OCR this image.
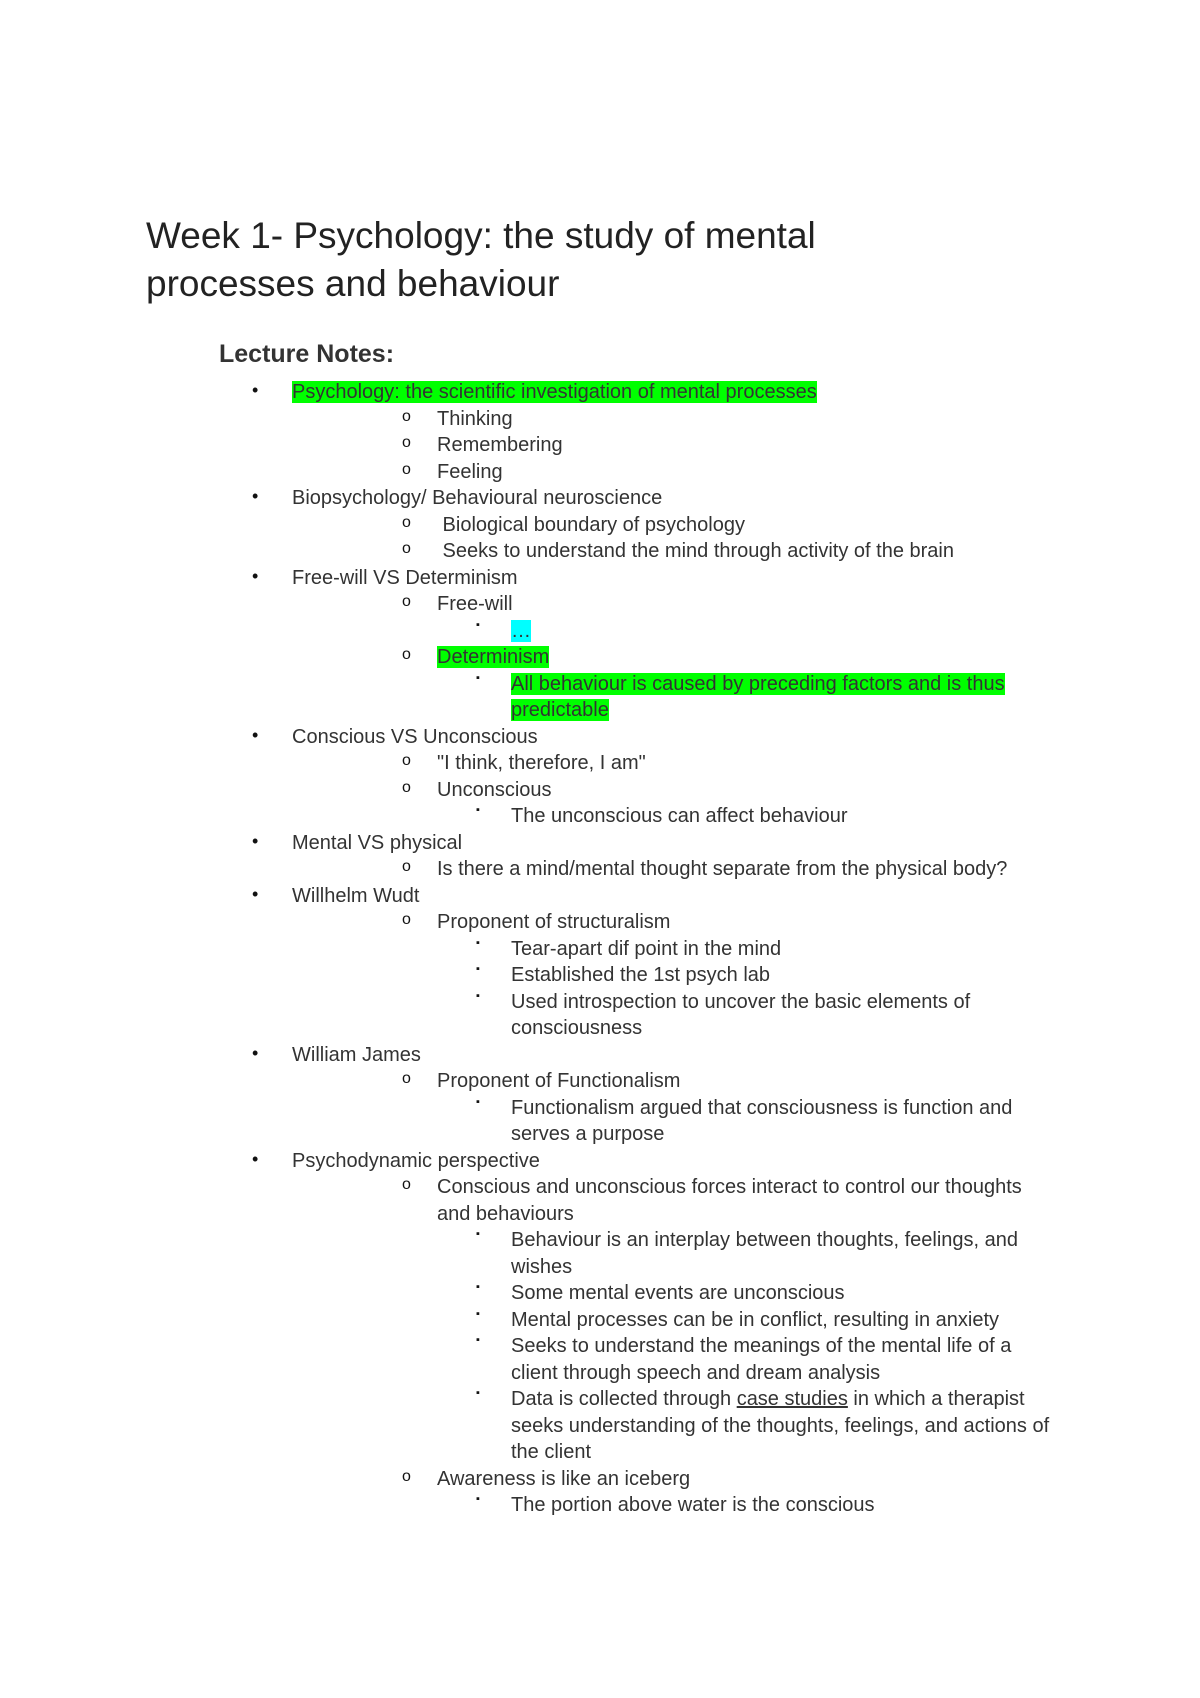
Week 1- Psychology: the study of mental processes and behaviour
Lecture Notes:
• Psychology: the scientific investigation of mental processes
o Thinking
o Remembering
o Feeling
• Biopsychology/ Behavioural neuroscience
o Biological boundary of psychology
o Seeks to understand the mind through activity of the brain
• Free-will VS Determinism
o Free-will
▪ …
o Determinism
▪ All behaviour is caused by preceding factors and is thus predictable
• Conscious VS Unconscious
o "I think, therefore, I am"
o Unconscious
▪ The unconscious can affect behaviour
• Mental VS physical
o Is there a mind/mental thought separate from the physical body?
• Willhelm Wudt
o Proponent of structuralism
▪ Tear-apart dif point in the mind
▪ Established the 1st psych lab
▪ Used introspection to uncover the basic elements of consciousness
• William James
o Proponent of Functionalism
▪ Functionalism argued that consciousness is function and serves a purpose
• Psychodynamic perspective
o Conscious and unconscious forces interact to control our thoughts and behaviours
▪ Behaviour is an interplay between thoughts, feelings, and wishes
▪ Some mental events are unconscious
▪ Mental processes can be in conflict, resulting in anxiety
▪ Seeks to understand the meanings of the mental life of a client through speech and dream analysis
▪ Data is collected through case studies in which a therapist seeks understanding of the thoughts, feelings, and actions of the client
o Awareness is like an iceberg
▪ The portion above water is the conscious
